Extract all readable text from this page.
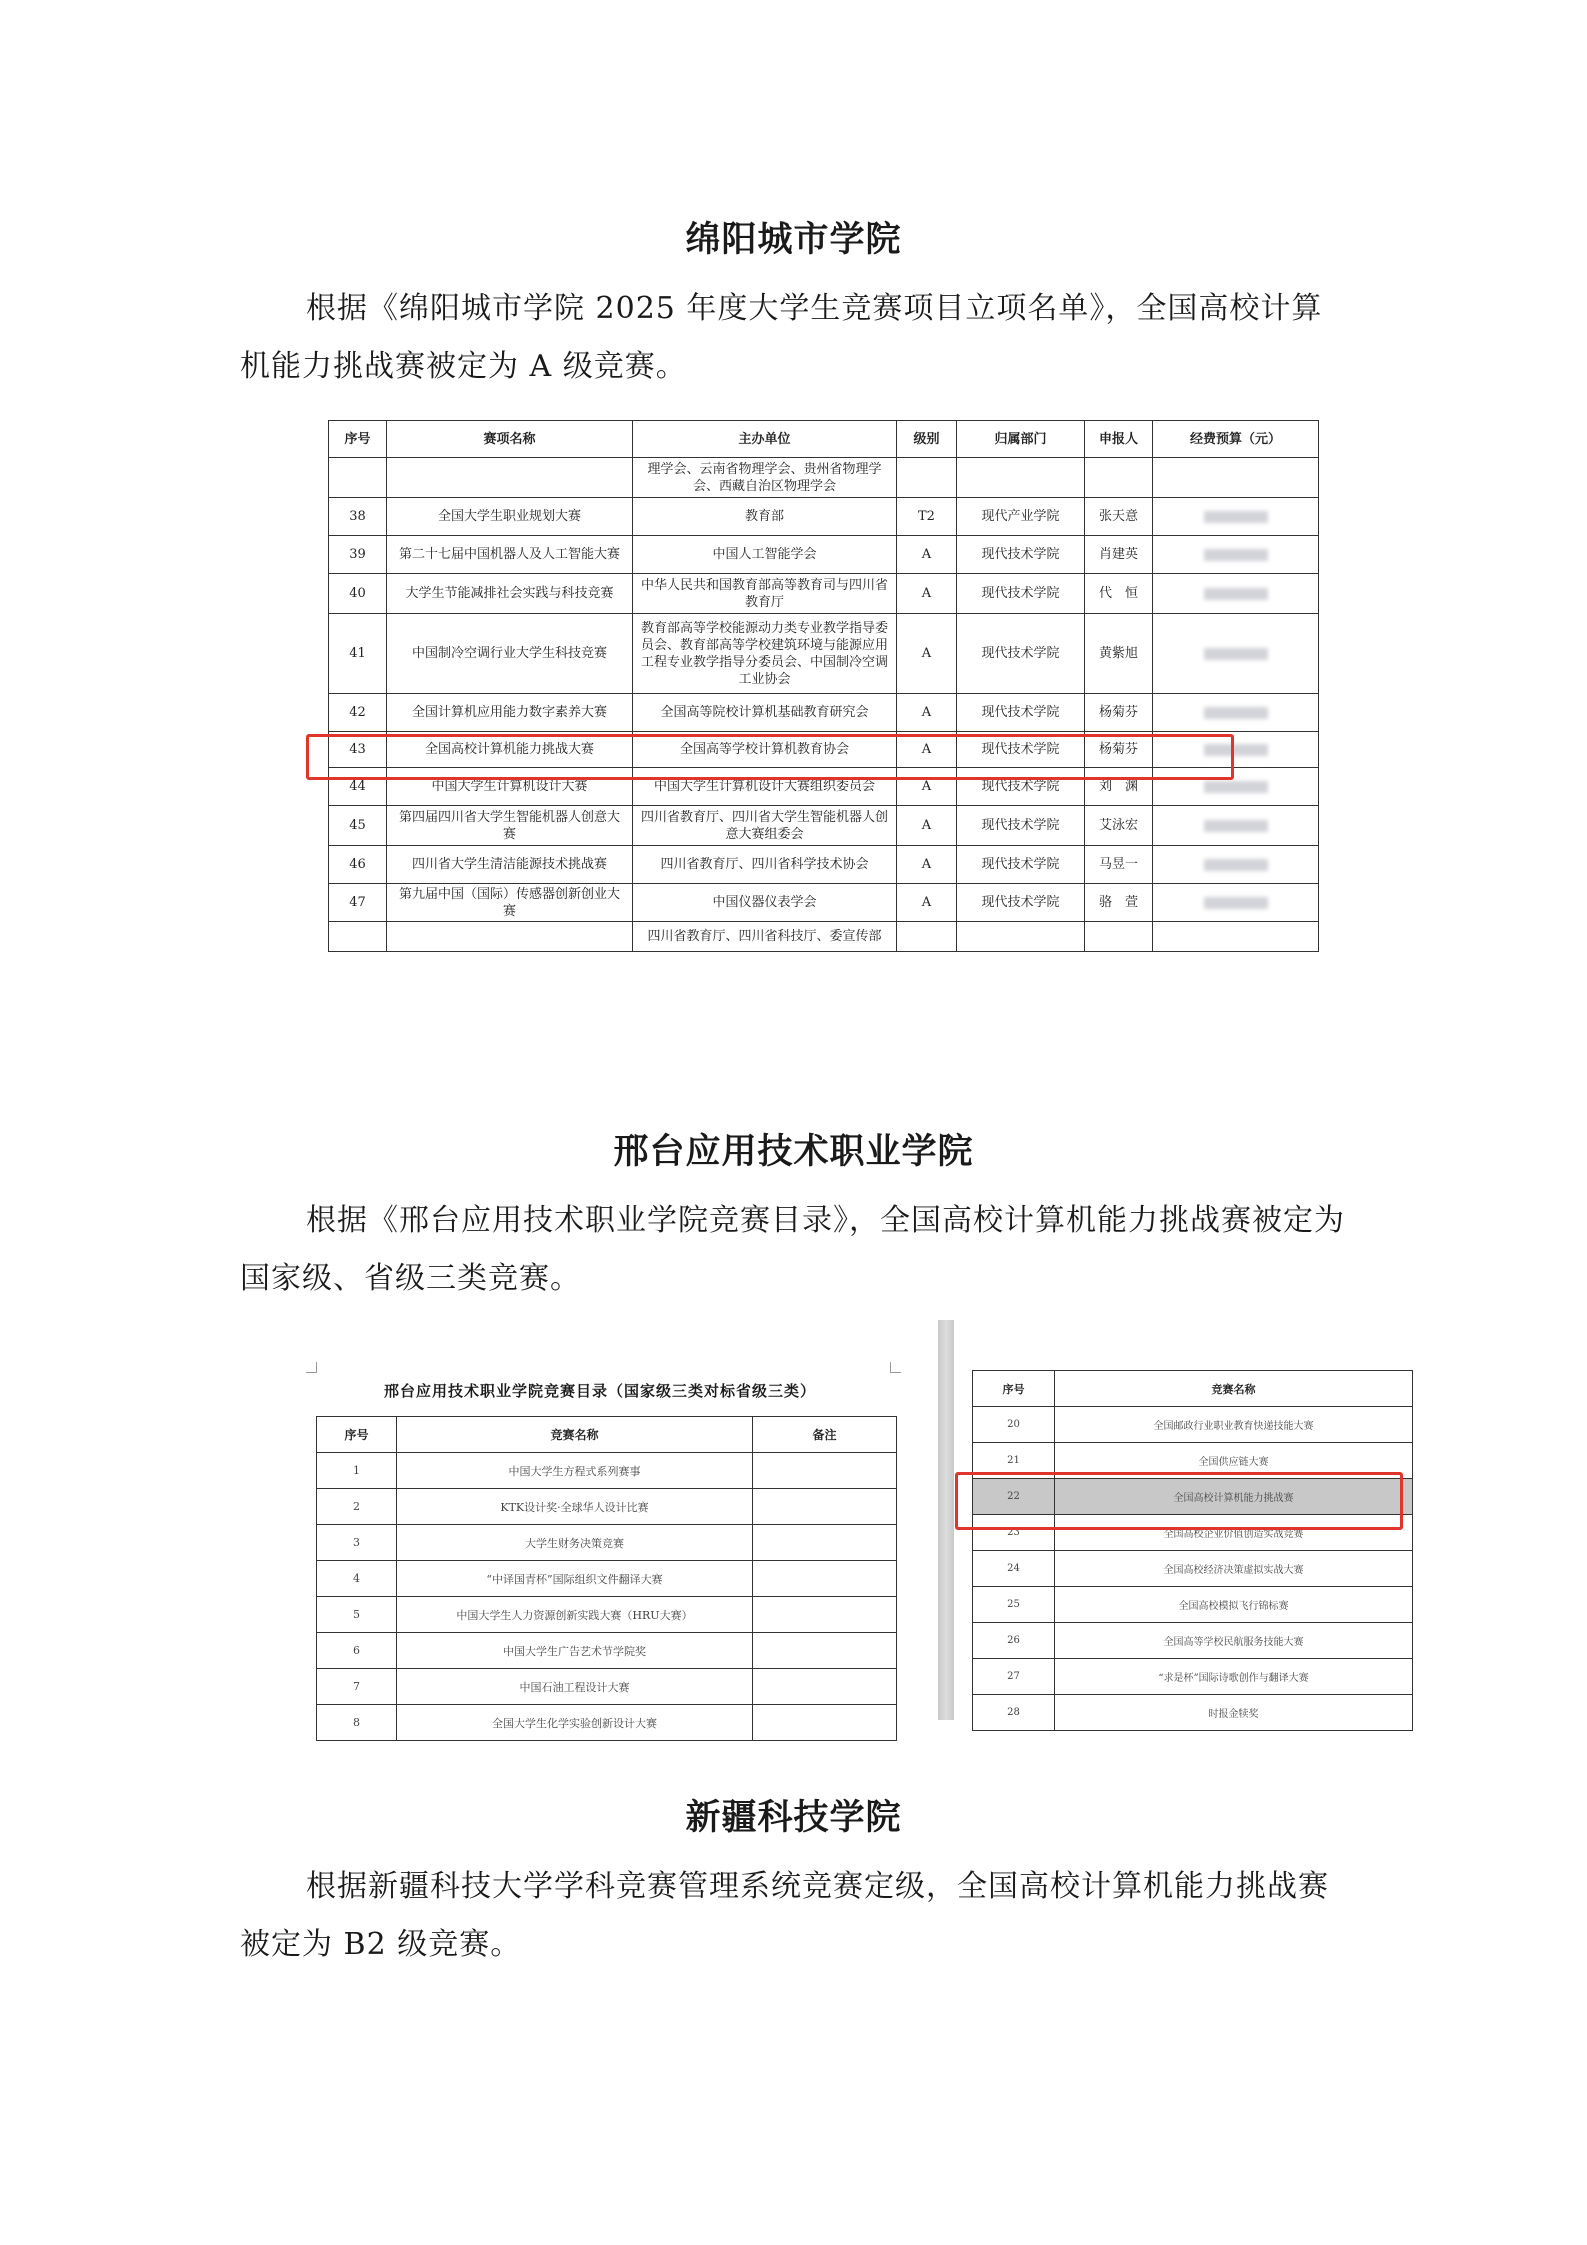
绵阳城市学院

根据《绵阳城市学院 2025 年度大学生竞赛项目立项名单》，全国高校计算机能力挑战赛被定为 A 级竞赛。

序号	赛项名称	主办单位	级别	归属部门	申报人	经费预算（元）
		理学会、云南省物理学会、贵州省物理学会、西藏自治区物理学会				
38	全国大学生职业规划大赛	教育部	T2	现代产业学院	张天意	
39	第二十七届中国机器人及人工智能大赛	中国人工智能学会	A	现代技术学院	肖建英	
40	大学生节能减排社会实践与科技竞赛	中华人民共和国教育部高等教育司与四川省教育厅	A	现代技术学院	代　恒	
41	中国制冷空调行业大学生科技竞赛	教育部高等学校能源动力类专业教学指导委员会、教育部高等学校建筑环境与能源应用工程专业教学指导分委员会、中国制冷空调工业协会	A	现代技术学院	黄紫旭	
42	全国计算机应用能力数字素养大赛	全国高等院校计算机基础教育研究会	A	现代技术学院	杨菊芬	
43	全国高校计算机能力挑战大赛	全国高等学校计算机教育协会	A	现代技术学院	杨菊芬	
44	中国大学生计算机设计大赛	中国大学生计算机设计大赛组织委员会	A	现代技术学院	刘　渊	
45	第四届四川省大学生智能机器人创意大赛	四川省教育厅、四川省大学生智能机器人创意大赛组委会	A	现代技术学院	艾泳宏	
46	四川省大学生清洁能源技术挑战赛	四川省教育厅、四川省科学技术协会	A	现代技术学院	马昱一	
47	第九届中国（国际）传感器创新创业大赛	中国仪器仪表学会	A	现代技术学院	骆　萱	
		四川省教育厅、四川省科技厅、委宣传部				
邢台应用技术职业学院

根据《邢台应用技术职业学院竞赛目录》，全国高校计算机能力挑战赛被定为国家级、省级三类竞赛。

邢台应用技术职业学院竞赛目录（国家级三类对标省级三类）
序号	竞赛名称	备注
1	中国大学生方程式系列赛事	
2	KTK设计奖·全球华人设计比赛	
3	大学生财务决策竞赛	
4	“中译国青杯”国际组织文件翻译大赛	
5	中国大学生人力资源创新实践大赛（HRU大赛）	
6	中国大学生广告艺术节学院奖	
7	中国石油工程设计大赛	
8	全国大学生化学实验创新设计大赛	
序号	竞赛名称
20	全国邮政行业职业教育快递技能大赛
21	全国供应链大赛
22	全国高校计算机能力挑战赛
23	全国高校企业价值创造实战竞赛
24	全国高校经济决策虚拟实战大赛
25	全国高校模拟飞行锦标赛
26	全国高等学校民航服务技能大赛
27	“求是杯”国际诗歌创作与翻译大赛
28	时报金犊奖
新疆科技学院

根据新疆科技大学学科竞赛管理系统竞赛定级，全国高校计算机能力挑战赛被定为 B2 级竞赛。
